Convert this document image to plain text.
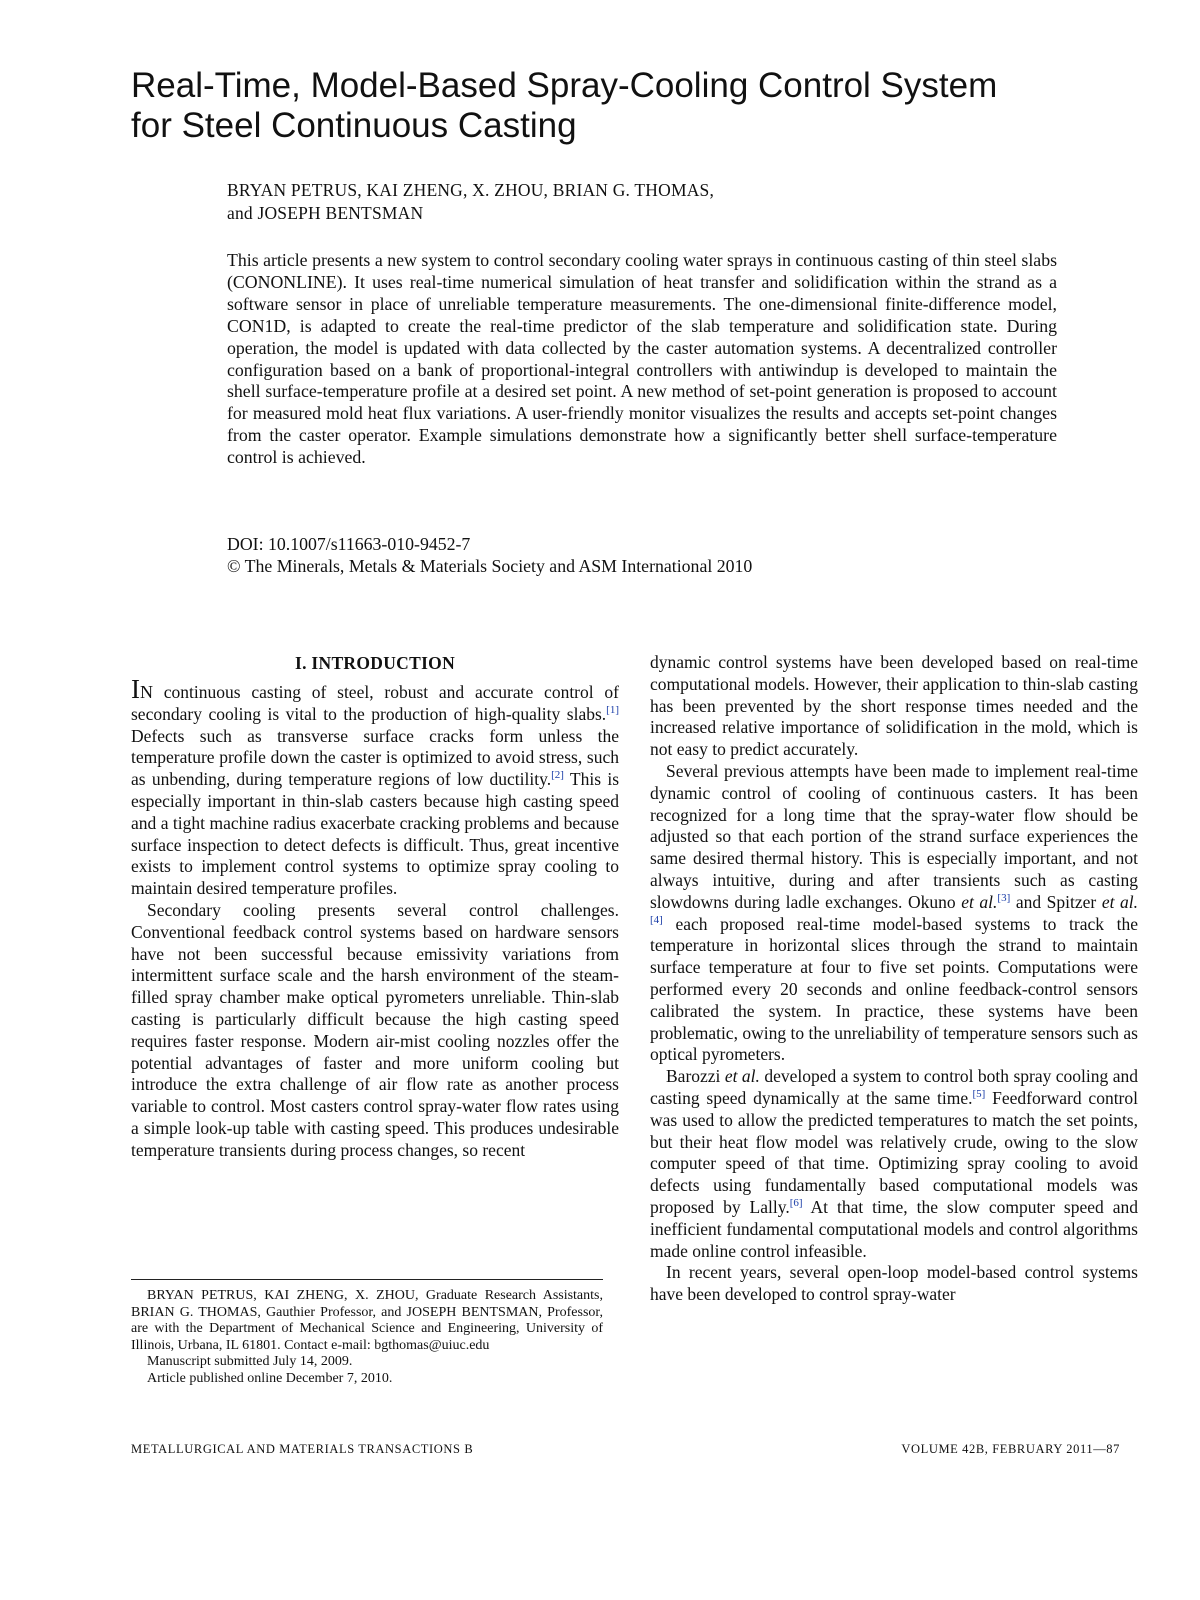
Real-Time, Model-Based Spray-Cooling Control System
for Steel Continuous Casting
BRYAN PETRUS, KAI ZHENG, X. ZHOU, BRIAN G. THOMAS,
and JOSEPH BENTSMAN

This article presents a new system to control secondary cooling water sprays in continuous casting of thin steel slabs (CONONLINE). It uses real-time numerical simulation of heat transfer and solidification within the strand as a software sensor in place of unreliable temperature measurements. The one-dimensional finite-difference model, CON1D, is adapted to create the real-time predictor of the slab temperature and solidification state. During operation, the model is updated with data collected by the caster automation systems. A decentralized controller configuration based on a bank of proportional-integral controllers with antiwindup is developed to maintain the shell surface-temperature profile at a desired set point. A new method of set-point generation is proposed to account for measured mold heat flux variations. A user-friendly monitor visualizes the results and accepts set-point changes from the caster operator. Example simulations demonstrate how a significantly better shell surface-temperature control is achieved.

DOI: 10.1007/s11663-010-9452-7
© The Minerals, Metals & Materials Society and ASM International 2010
I. INTRODUCTION

IN continuous casting of steel, robust and accurate control of secondary cooling is vital to the production of high-quality slabs.[1] Defects such as transverse surface cracks form unless the temperature profile down the caster is optimized to avoid stress, such as unbending, during temperature regions of low ductility.[2] This is especially important in thin-slab casters because high casting speed and a tight machine radius exacerbate cracking problems and because surface inspection to detect defects is difficult. Thus, great incentive exists to implement control systems to optimize spray cooling to maintain desired temperature profiles.

Secondary cooling presents several control challenges. Conventional feedback control systems based on hardware sensors have not been successful because emissivity variations from intermittent surface scale and the harsh environment of the steam-filled spray chamber make optical pyrometers unreliable. Thin-slab casting is particularly difficult because the high casting speed requires faster response. Modern air-mist cooling nozzles offer the potential advantages of faster and more uniform cooling but introduce the extra challenge of air flow rate as another process variable to control. Most casters control spray-water flow rates using a simple look-up table with casting speed. This produces undesirable temperature transients during process changes, so recent

dynamic control systems have been developed based on real-time computational models. However, their application to thin-slab casting has been prevented by the short response times needed and the increased relative importance of solidification in the mold, which is not easy to predict accurately.

Several previous attempts have been made to implement real-time dynamic control of cooling of continuous casters. It has been recognized for a long time that the spray-water flow should be adjusted so that each portion of the strand surface experiences the same desired thermal history. This is especially important, and not always intuitive, during and after transients such as casting slowdowns during ladle exchanges. Okuno et al.[3] and Spitzer et al.[4] each proposed real-time model-based systems to track the temperature in horizontal slices through the strand to maintain surface temperature at four to five set points. Computations were performed every 20 seconds and online feedback-control sensors calibrated the system. In practice, these systems have been problematic, owing to the unreliability of temperature sensors such as optical pyrometers.

Barozzi et al. developed a system to control both spray cooling and casting speed dynamically at the same time.[5] Feedforward control was used to allow the predicted temperatures to match the set points, but their heat flow model was relatively crude, owing to the slow computer speed of that time. Optimizing spray cooling to avoid defects using fundamentally based computational models was proposed by Lally.[6] At that time, the slow computer speed and inefficient fundamental computational models and control algorithms made online control infeasible.

In recent years, several open-loop model-based control systems have been developed to control spray-water

BRYAN PETRUS, KAI ZHENG, X. ZHOU, Graduate Research Assistants, BRIAN G. THOMAS, Gauthier Professor, and JOSEPH BENTSMAN, Professor, are with the Department of Mechanical Science and Engineering, University of Illinois, Urbana, IL 61801. Contact e-mail: bgthomas@uiuc.edu

Manuscript submitted July 14, 2009.

Article published online December 7, 2010.

METALLURGICAL AND MATERIALS TRANSACTIONS B	VOLUME 42B, FEBRUARY 2011—87
